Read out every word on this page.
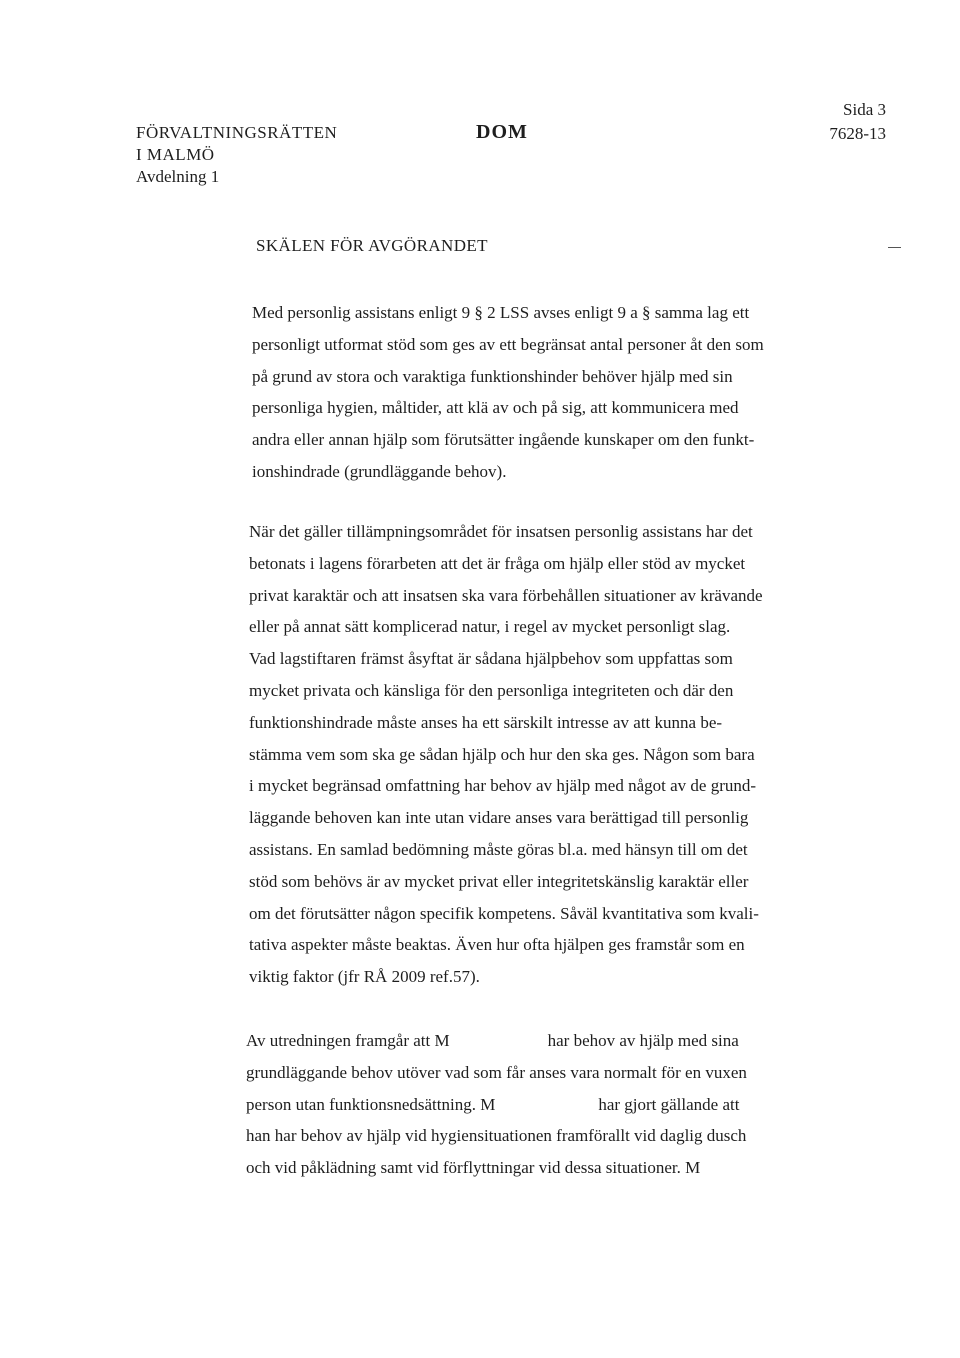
FÖRVALTNINGSRÄTTEN
I MALMÖ
Avdelning 1
DOM
Sida 3
7628-13
SKÄLEN FÖR AVGÖRANDET
Med personlig assistans enligt 9 § 2 LSS avses enligt 9 a § samma lag ett
personligt utformat stöd som ges av ett begränsat antal personer åt den som
på grund av stora och varaktiga funktionshinder behöver hjälp med sin
personliga hygien, måltider, att klä av och på sig, att kommunicera med
andra eller annan hjälp som förutsätter ingående kunskaper om den funkt-
ionshindrade (grundläggande behov).
När det gäller tillämpningsområdet för insatsen personlig assistans har det
betonats i lagens förarbeten att det är fråga om hjälp eller stöd av mycket
privat karaktär och att insatsen ska vara förbehållen situationer av krävande
eller på annat sätt komplicerad natur, i regel av mycket personligt slag.
Vad lagstiftaren främst åsyftat är sådana hjälpbehov som uppfattas som
mycket privata och känsliga för den personliga integriteten och där den
funktionshindrade måste anses ha ett särskilt intresse av att kunna be-
stämma vem som ska ge sådan hjälp och hur den ska ges. Någon som bara
i mycket begränsad omfattning har behov av hjälp med något av de grund-
läggande behoven kan inte utan vidare anses vara berättigad till personlig
assistans. En samlad bedömning måste göras bl.a. med hänsyn till om det
stöd som behövs är av mycket privat eller integritetskänslig karaktär eller
om det förutsätter någon specifik kompetens. Såväl kvantitativa som kvali-
tativa aspekter måste beaktas. Även hur ofta hjälpen ges framstår som en
viktig faktor (jfr RÅ 2009 ref.57).
Av utredningen framgår att M	har behov av hjälp med sina
grundläggande behov utöver vad som får anses vara normalt för en vuxen
person utan funktionsnedsättning. M	har gjort gällande att
han har behov av hjälp vid hygiensituationen framförallt vid daglig dusch
och vid påklädning samt vid förflyttningar vid dessa situationer. M
